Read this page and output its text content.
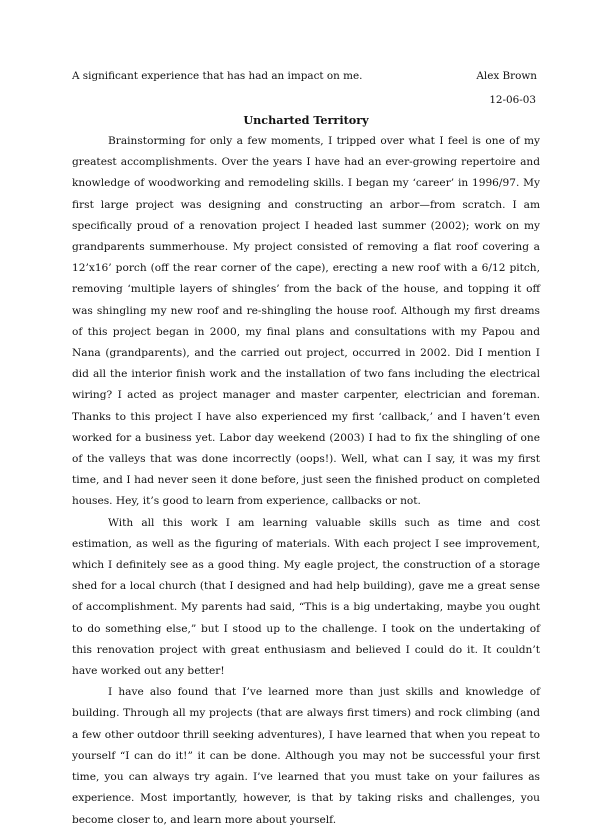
A significant experience that has had an impact on me.	Alex Brown
12-06-03
Uncharted Territory

Brainstorming for only a few moments, I tripped over what I feel is one of my greatest accomplishments. Over the years I have had an ever-growing repertoire and knowledge of woodworking and remodeling skills. I began my ‘career’ in 1996/97. My first large project was designing and constructing an arbor—from scratch. I am specifically proud of a renovation project I headed last summer (2002); work on my grandparents summerhouse. My project consisted of removing a flat roof covering a 12’x16’ porch (off the rear corner of the cape), erecting a new roof with a 6/12 pitch, removing ‘multiple layers of shingles’ from the back of the house, and topping it off was shingling my new roof and re-shingling the house roof. Although my first dreams of this project began in 2000, my final plans and consultations with my Papou and Nana (grandparents), and the carried out project, occurred in 2002. Did I mention I did all the interior finish work and the installation of two fans including the electrical wiring? I acted as project manager and master carpenter, electrician and foreman. Thanks to this project I have also experienced my first ‘callback,’ and I haven’t even worked for a business yet. Labor day weekend (2003) I had to fix the shingling of one of the valleys that was done incorrectly (oops!). Well, what can I say, it was my first time, and I had never seen it done before, just seen the finished product on completed houses. Hey, it’s good to learn from experience, callbacks or not.

With all this work I am learning valuable skills such as time and cost estimation, as well as the figuring of materials. With each project I see improvement, which I definitely see as a good thing. My eagle project, the construction of a storage shed for a local church (that I designed and had help building), gave me a great sense of accomplishment. My parents had said, “This is a big undertaking, maybe you ought to do something else,” but I stood up to the challenge. I took on the undertaking of this renovation project with great enthusiasm and believed I could do it. It couldn’t have worked out any better!

I have also found that I’ve learned more than just skills and knowledge of building. Through all my projects (that are always first timers) and rock climbing (and a few other outdoor thrill seeking adventures), I have learned that when you repeat to yourself “I can do it!” it can be done. Although you may not be successful your first time, you can always try again. I’ve learned that you must take on your failures as experience. Most importantly, however, is that by taking risks and challenges, you become closer to, and learn more about yourself.
